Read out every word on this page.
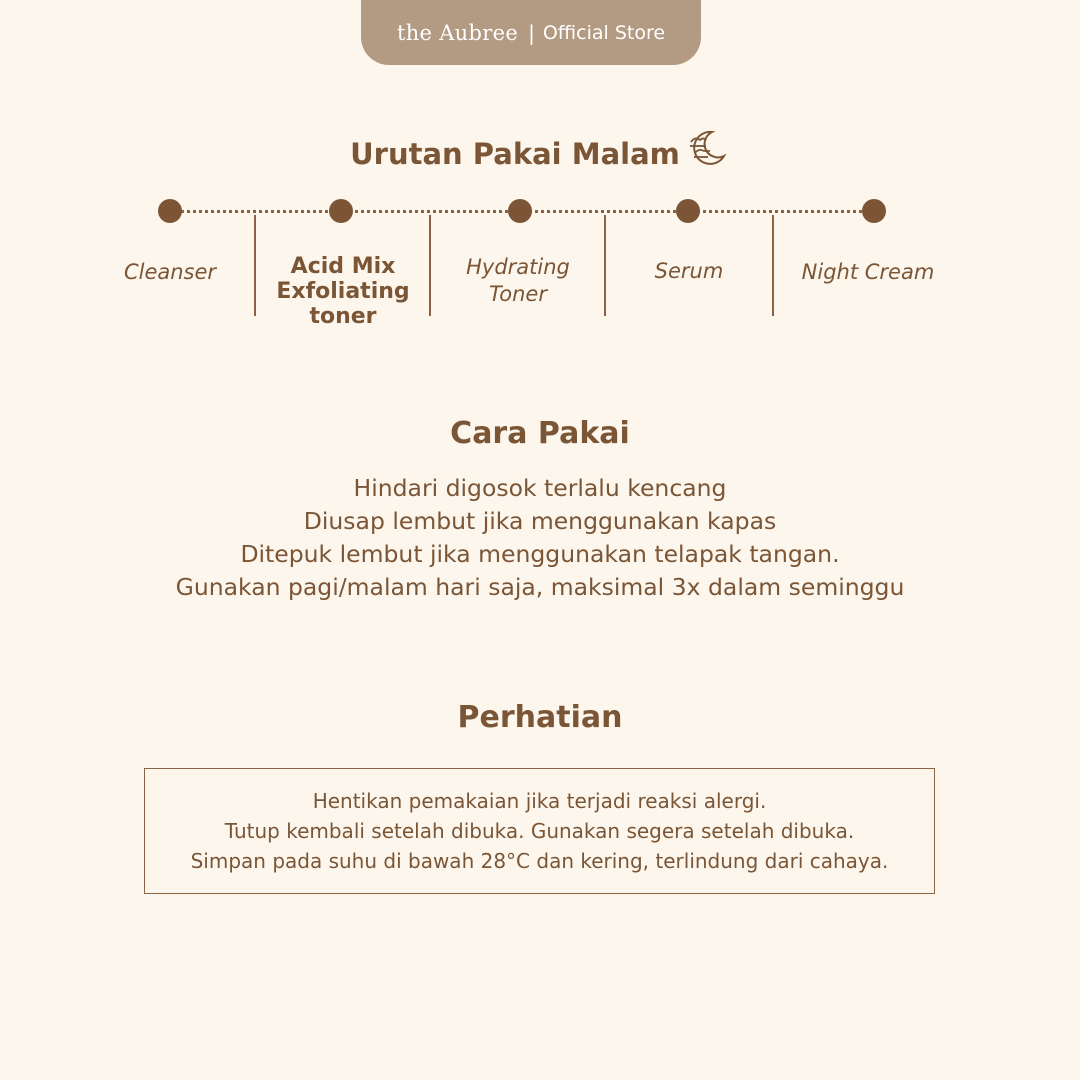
the Aubree | Official Store
Urutan Pakai Malam
Cleanser	Acid Mix
Exfoliating
toner
Hydrating
Toner
Serum	Night Cream
Cara Pakai
Hindari digosok terlalu kencang
Diusap lembut jika menggunakan kapas
Ditepuk lembut jika menggunakan telapak tangan.
Gunakan pagi/malam hari saja, maksimal 3x dalam seminggu
Perhatian
Hentikan pemakaian jika terjadi reaksi alergi.
Tutup kembali setelah dibuka. Gunakan segera setelah dibuka.
Simpan pada suhu di bawah 28°C dan kering, terlindung dari cahaya.
